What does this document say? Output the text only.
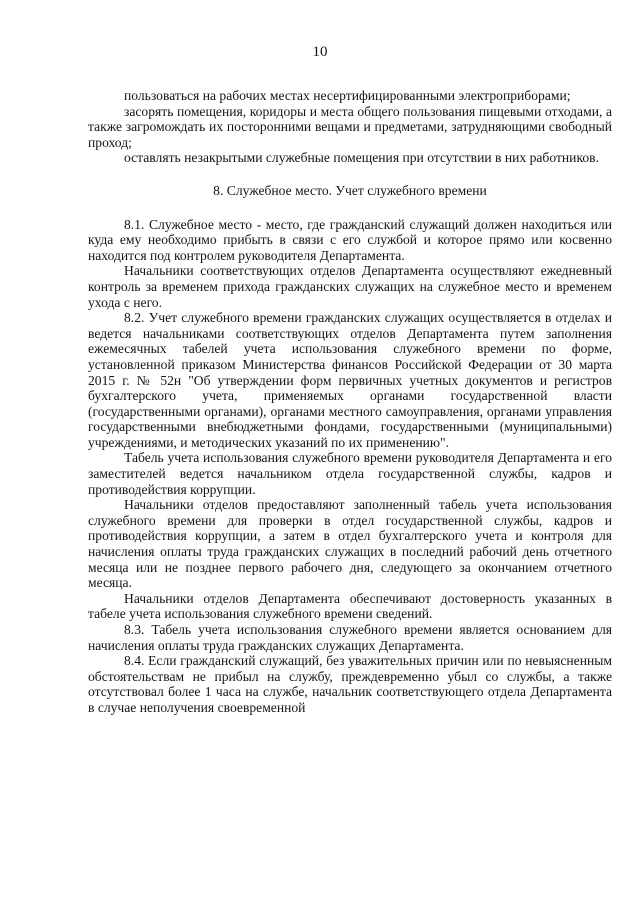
10

пользоваться на рабочих местах несертифицированными электроприборами;

засорять помещения, коридоры и места общего пользования пищевыми отходами, а также загромождать их посторонними вещами и предметами, затрудняющими свободный проход;

оставлять незакрытыми служебные помещения при отсутствии в них работников.

8. Служебное место. Учет служебного времени

8.1. Служебное место - место, где гражданский служащий должен находиться или куда ему необходимо прибыть в связи с его службой и которое прямо или косвенно находится под контролем руководителя Департамента.

Начальники соответствующих отделов Департамента осуществляют ежедневный контроль за временем прихода гражданских служащих на служебное место и временем ухода с него.

8.2. Учет служебного времени гражданских служащих осуществляется в отделах и ведется начальниками соответствующих отделов Департамента путем заполнения ежемесячных табелей учета использования служебного времени по форме, установленной приказом Министерства финансов Российской Федерации от 30 марта 2015 г. № 52н "Об утверждении форм первичных учетных документов и регистров бухгалтерского учета, применяемых органами государственной власти (государственными органами), органами местного самоуправления, органами управления государственными внебюджетными фондами, государственными (муниципальными) учреждениями, и методических указаний по их применению".

Табель учета использования служебного времени руководителя Департамента и его заместителей ведется начальником отдела государственной службы, кадров и противодействия коррупции.

Начальники отделов предоставляют заполненный табель учета использования служебного времени для проверки в отдел государственной службы, кадров и противодействия коррупции, а затем в отдел бухгалтерского учета и контроля для начисления оплаты труда гражданских служащих в последний рабочий день отчетного месяца или не позднее первого рабочего дня, следующего за окончанием отчетного месяца.

Начальники отделов Департамента обеспечивают достоверность указанных в табеле учета использования служебного времени сведений.

8.3. Табель учета использования служебного времени является основанием для начисления оплаты труда гражданских служащих Департамента.

8.4. Если гражданский служащий, без уважительных причин или по невыясненным обстоятельствам не прибыл на службу, преждевременно убыл со службы, а также отсутствовал более 1 часа на службе, начальник соответствующего отдела Департамента в случае неполучения своевременной
